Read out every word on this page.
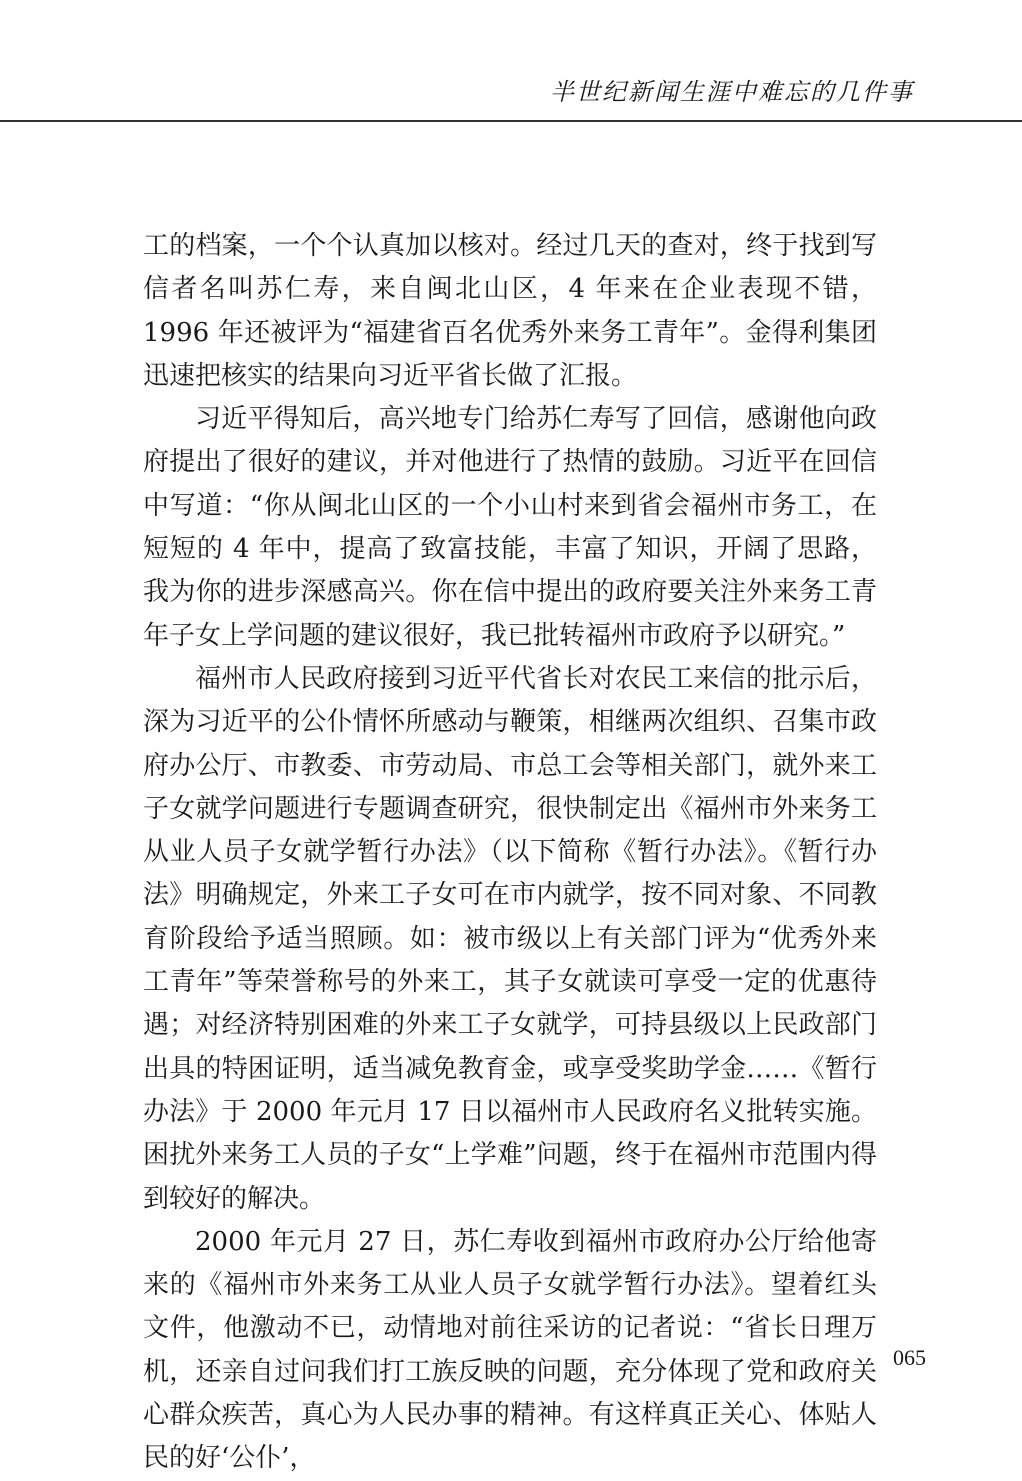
半世纪新闻生涯中难忘的几件事

工的档案，一个个认真加以核对。经过几天的查对，终于找到写信者名叫苏仁寿，来自闽北山区，4 年来在企业表现不错，1996 年还被评为“福建省百名优秀外来务工青年”。金得利集团迅速把核实的结果向习近平省长做了汇报。

习近平得知后，高兴地专门给苏仁寿写了回信，感谢他向政府提出了很好的建议，并对他进行了热情的鼓励。习近平在回信中写道：“你从闽北山区的一个小山村来到省会福州市务工，在短短的 4 年中，提高了致富技能，丰富了知识，开阔了思路，我为你的进步深感高兴。你在信中提出的政府要关注外来务工青年子女上学问题的建议很好，我已批转福州市政府予以研究。”

福州市人民政府接到习近平代省长对农民工来信的批示后，深为习近平的公仆情怀所感动与鞭策，相继两次组织、召集市政府办公厅、市教委、市劳动局、市总工会等相关部门，就外来工子女就学问题进行专题调查研究，很快制定出《福州市外来务工从业人员子女就学暂行办法》（以下简称《暂行办法》。《暂行办法》明确规定，外来工子女可在市内就学，按不同对象、不同教育阶段给予适当照顾。如：被市级以上有关部门评为“优秀外来工青年”等荣誉称号的外来工，其子女就读可享受一定的优惠待遇；对经济特别困难的外来工子女就学，可持县级以上民政部门出具的特困证明，适当减免教育金，或享受奖助学金……《暂行办法》于 2000 年元月 17 日以福州市人民政府名义批转实施。困扰外来务工人员的子女“上学难”问题，终于在福州市范围内得到较好的解决。

2000 年元月 27 日，苏仁寿收到福州市政府办公厅给他寄来的《福州市外来务工从业人员子女就学暂行办法》。望着红头文件，他激动不已，动情地对前往采访的记者说：“省长日理万机，还亲自过问我们打工族反映的问题，充分体现了党和政府关心群众疾苦，真心为人民办事的精神。有这样真正关心、体贴人民的好‘公仆’，

065
